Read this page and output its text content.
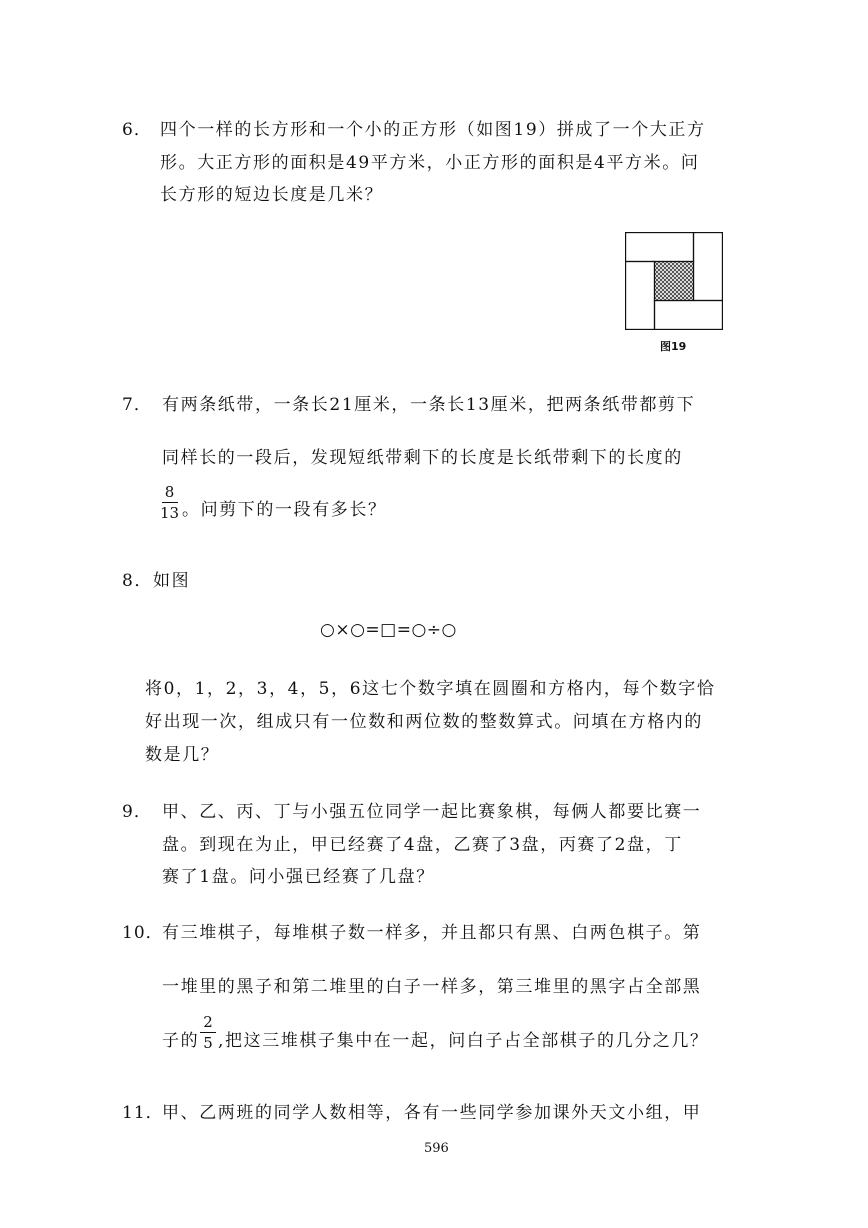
6． 四个一样的长方形和一个小的正方形（如图19）拼成了一个大正方
形。大正方形的面积是49平方米，小正方形的面积是4平方米。问
长方形的短边长度是几米？
图19
7． 有两条纸带，一条长21厘米，一条长13厘米，把两条纸带都剪下
同样长的一段后，发现短纸带剩下的长度是长纸带剩下的长度的
8
13 。问剪下的一段有多长？
8．如图
○×○=□=○÷○
将0，1，2，3，4，5，6这七个数字填在圆圈和方格内，每个数字恰
好出现一次，组成只有一位数和两位数的整数算式。问填在方格内的
数是几？
9． 甲、乙、丙、丁与小强五位同学一起比赛象棋，每俩人都要比赛一
盘。到现在为止，甲已经赛了4盘，乙赛了3盘，丙赛了2盘，丁
赛了1盘。问小强已经赛了几盘？
10．
有三堆棋子，每堆棋子数一样多，并且都只有黑、白两色棋子。第
一堆里的黑子和第二堆里的白子一样多，第三堆里的黑字占全部黑
子的
2
5 ,把这三堆棋子集中在一起，问白子占全部棋子的几分之几？
11．
甲、乙两班的同学人数相等，各有一些同学参加课外天文小组，甲
596
